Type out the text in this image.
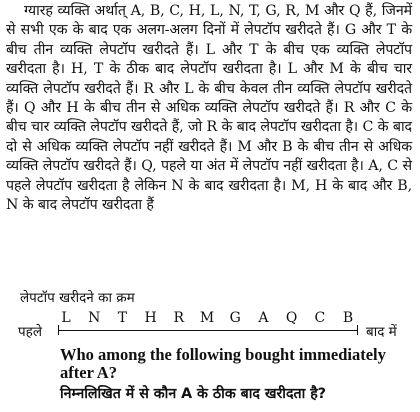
ग्यारह व्यक्ति अर्थात् A, B, C, H, L, N, T, G, R, M और Q हैं, जिनमें से सभी एक के बाद एक अलग-अलग दिनों में लेपटॉप खरीदते हैं। G और T के बीच तीन व्यक्ति लेपटॉप खरीदते हैं। L और T के बीच एक व्यक्ति लेपटॉप खरीदता है। H, T के ठीक बाद लेपटॉप खरीदता है। L और M के बीच चार व्यक्ति लेपटॉप खरीदते हैं। R और L के बीच केवल तीन व्यक्ति लेपटॉप खरीदते हैं। Q और H के बीच तीन से अधिक व्यक्ति लेपटॉप खरीदते हैं। R और C के बीच चार व्यक्ति लेपटॉप खरीदते हैं, जो R के बाद लेपटॉप खरीदता है। C के बाद दो से अधिक व्यक्ति लेपटॉप नहीं खरीदते हैं। M और B के बीच तीन से अधिक व्यक्ति लेपटॉप खरीदते हैं। Q, पहले या अंत में लेपटॉप नहीं खरीदता है। A, C से पहले लेपटॉप खरीदता है लेकिन N के बाद खरीदता है। M, H के बाद और B, N के बाद लेपटॉप खरीदता हैं
लेपटॉप खरीदने का क्रम
पहले
L N T H R M G A Q C B
बाद में
Who among the following bought immediately after A?
निम्नलिखित में से कौन A के ठीक बाद खरीदता है?
